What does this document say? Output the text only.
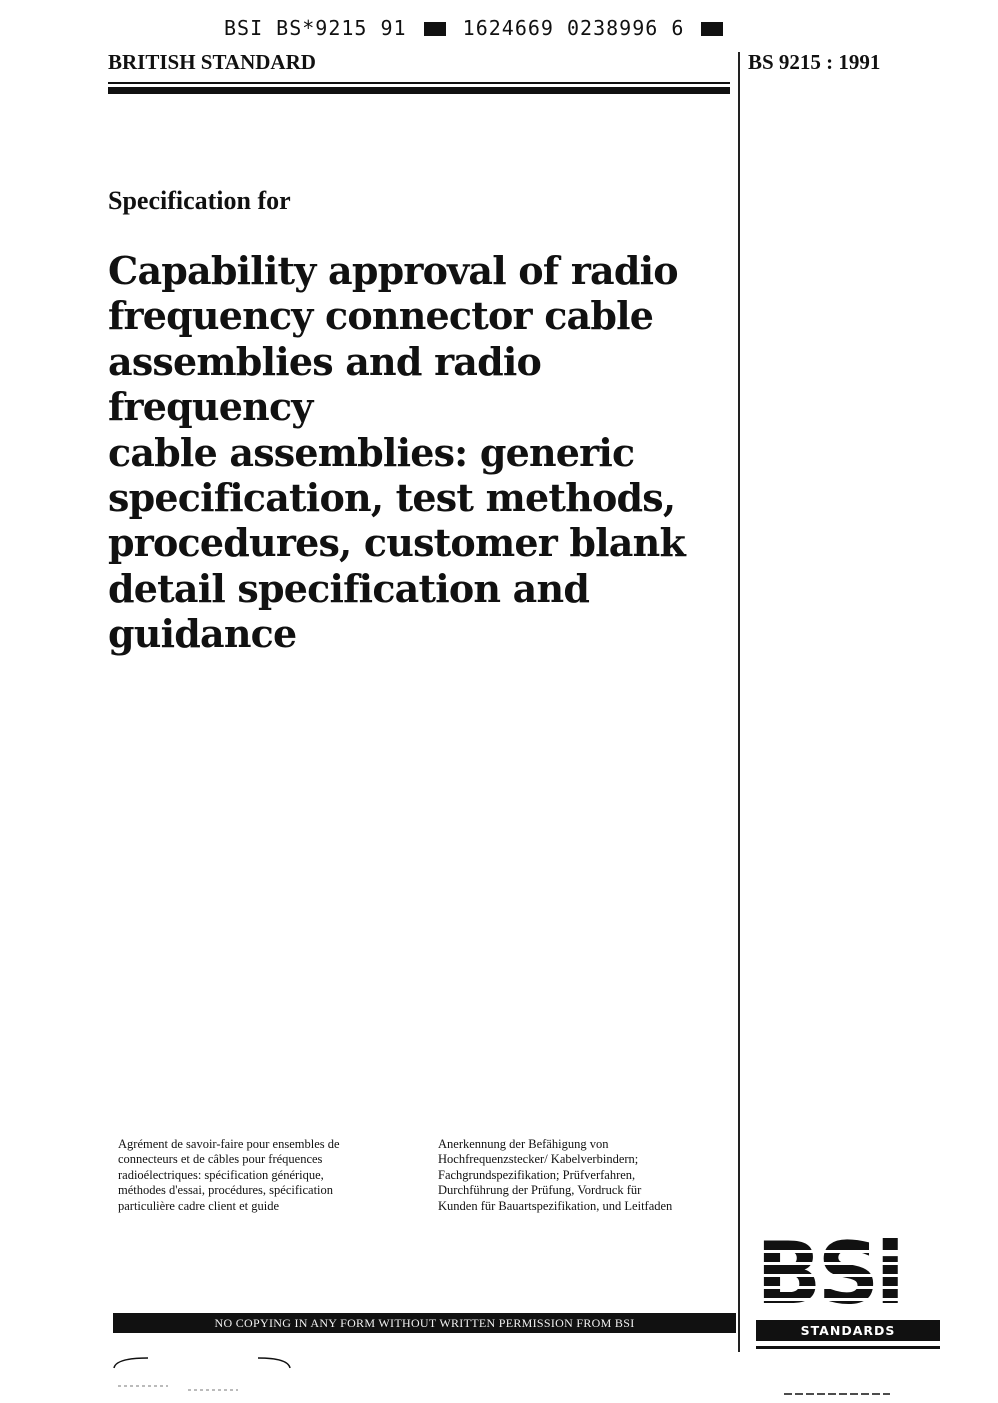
BSI BS*9215 91	1624669 0238996 6
BRITISH STANDARD	BS 9215 : 1991
Specification for
Capability approval of radio
frequency connector cable
assemblies and radio frequency
cable assemblies: generic
specification, test methods,
procedures, customer blank
detail specification and
guidance
Agrément de savoir-faire pour ensembles de
connecteurs et de câbles pour fréquences
radioélectriques: spécification générique,
méthodes d'essai, procédures, spécification
particulière cadre client et guide
Anerkennung der Befähigung von
Hochfrequenzstecker/ Kabelverbindern;
Fachgrundspezifikation; Prüfverfahren,
Durchführung der Prüfung, Vordruck für
Kunden für Bauartspezifikation, und Leitfaden
STANDARDS
NO COPYING IN ANY FORM WITHOUT WRITTEN PERMISSION FROM BSI
